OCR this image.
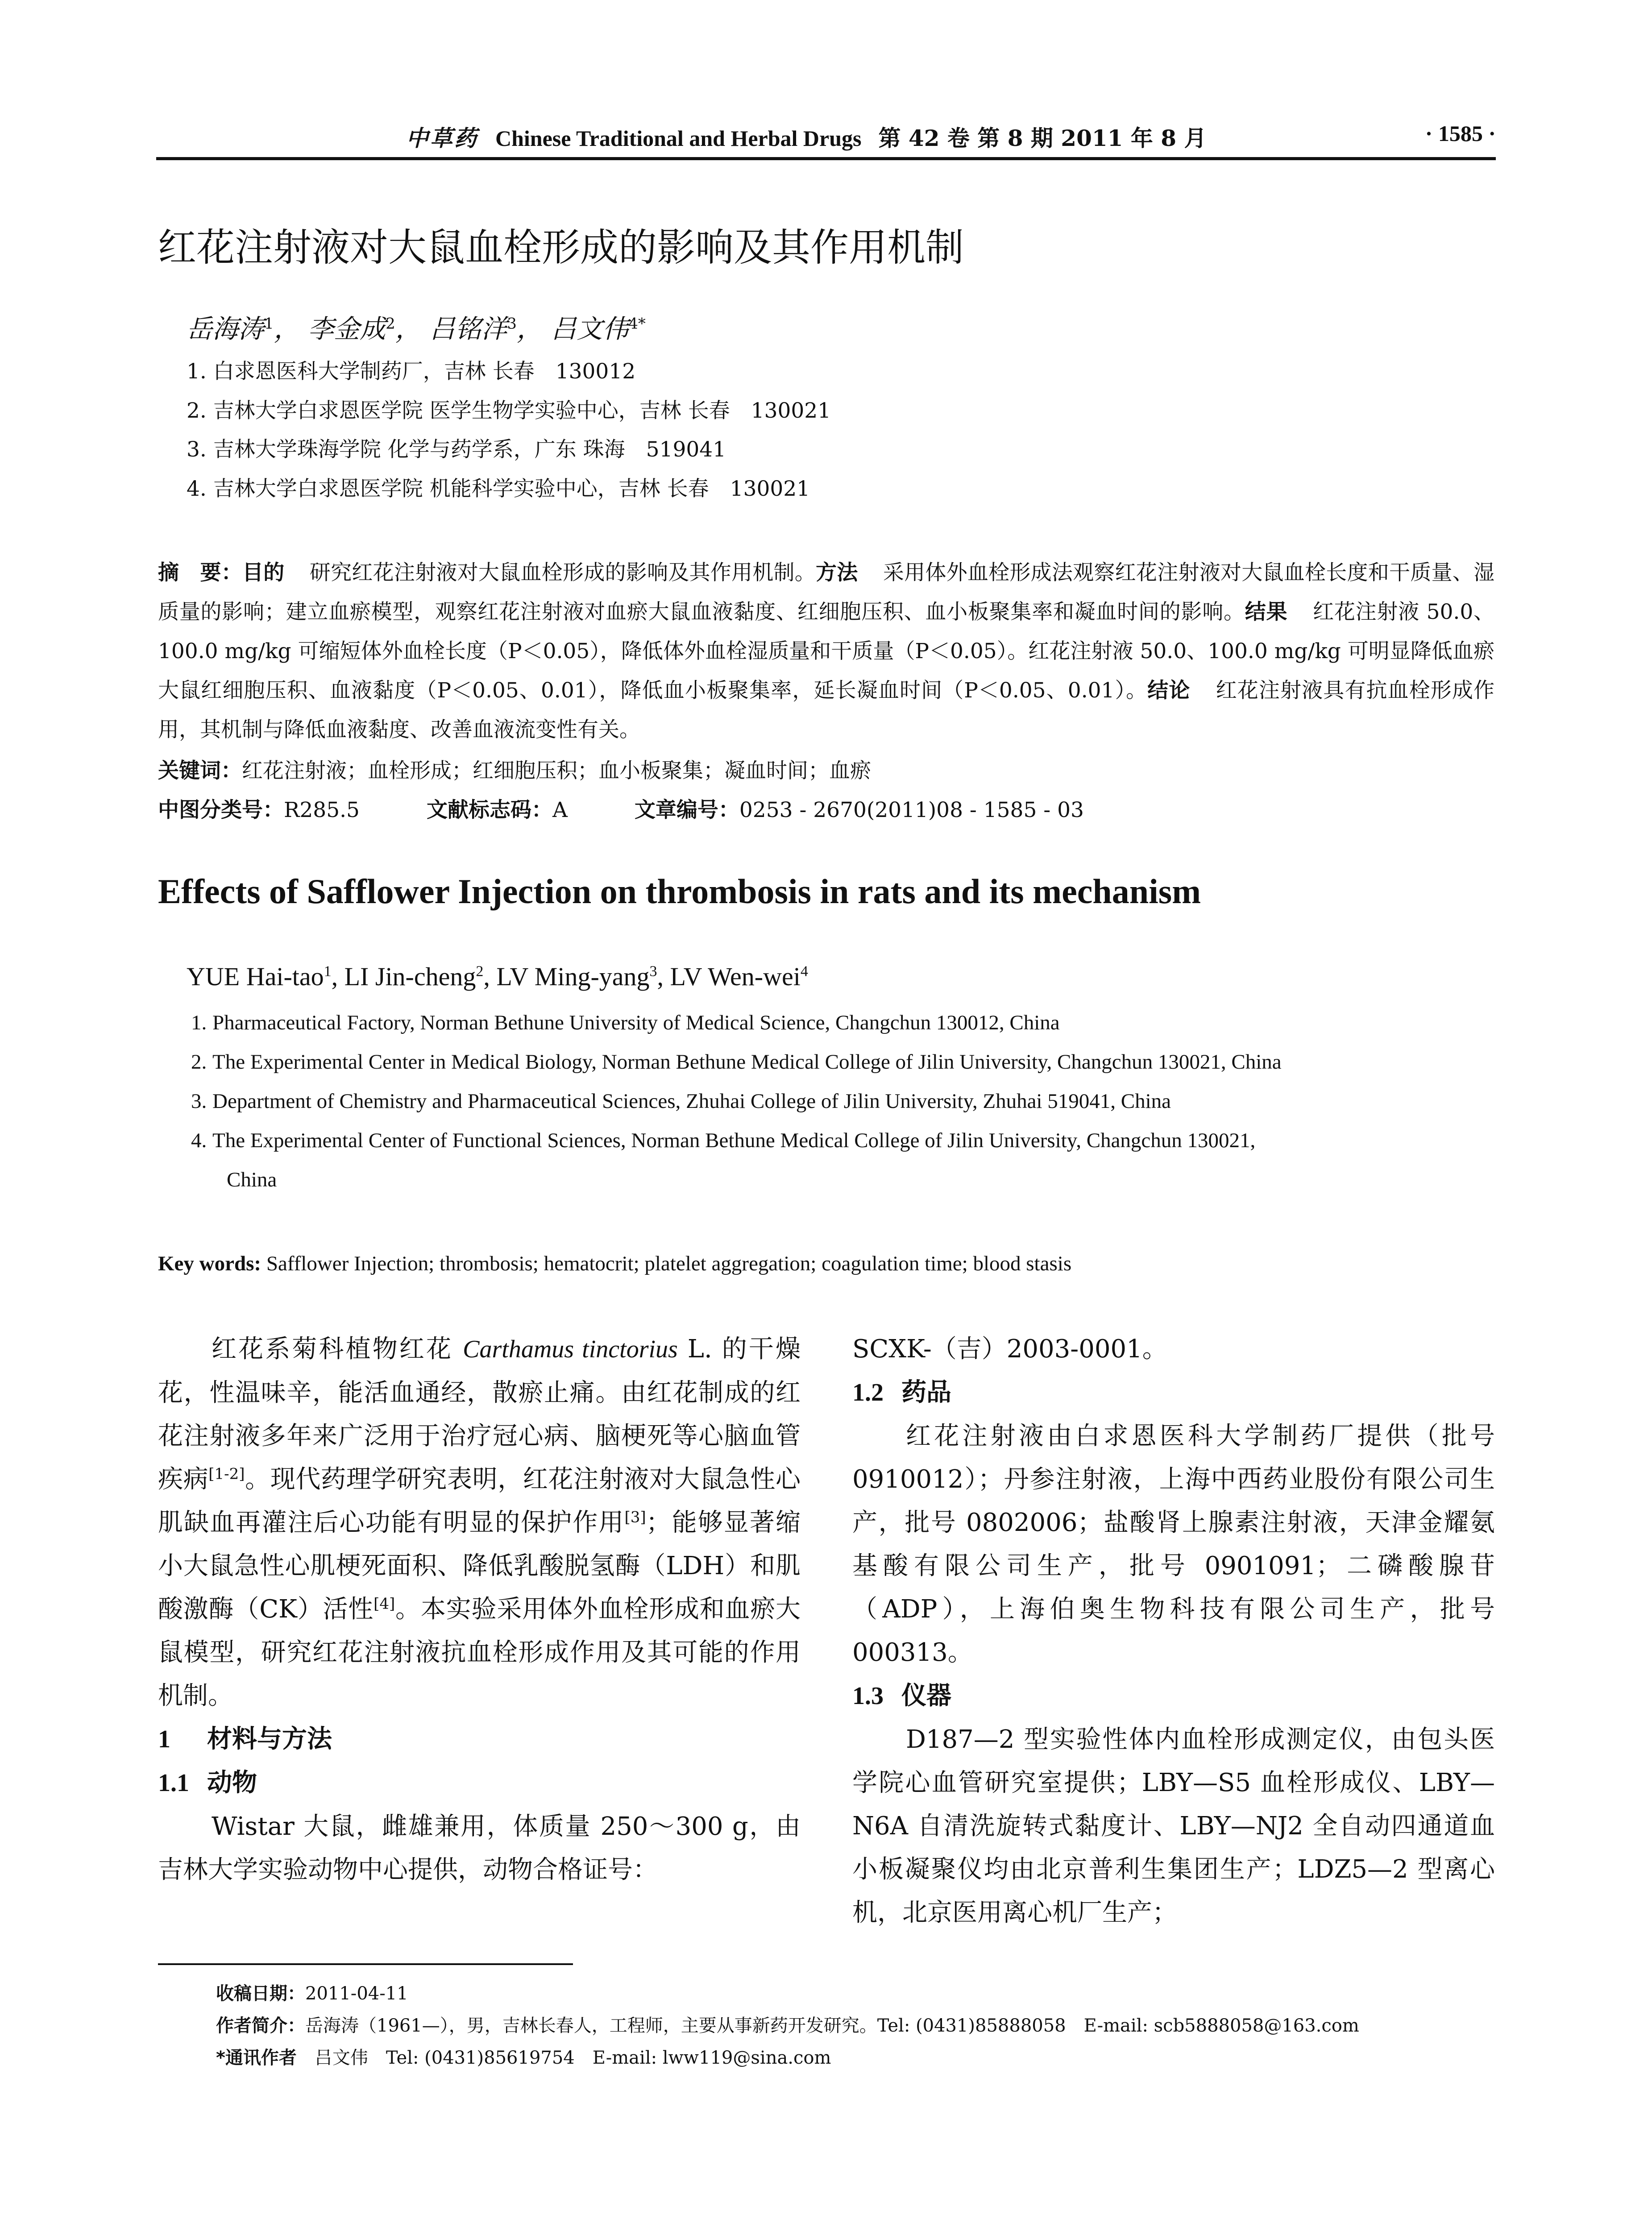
中草药 Chinese Traditional and Herbal Drugs 第 42 卷 第 8 期 2011 年 8 月	· 1585 ·
红花注射液对大鼠血栓形成的影响及其作用机制
岳海涛$^1$， 李金成$^2$， 吕铭洋$^3$， 吕文伟$^{4*}$
1. 白求恩医科大学制药厂，吉林 长春　130012
2. 吉林大学白求恩医学院 医学生物学实验中心，吉林 长春　130021
3. 吉林大学珠海学院 化学与药学系，广东 珠海　519041
4. 吉林大学白求恩医学院 机能科学实验中心，吉林 长春　130021
摘　要：目的 研究红花注射液对大鼠血栓形成的影响及其作用机制。方法 采用体外血栓形成法观察红花注射液对大鼠血栓长度和干质量、湿质量的影响；建立血瘀模型，观察红花注射液对血瘀大鼠血液黏度、红细胞压积、血小板聚集率和凝血时间的影响。结果 红花注射液 50.0、100.0 mg/kg 可缩短体外血栓长度（P＜0.05），降低体外血栓湿质量和干质量（P＜0.05）。红花注射液 50.0、100.0 mg/kg 可明显降低血瘀大鼠红细胞压积、血液黏度（P＜0.05、0.01），降低血小板聚集率，延长凝血时间（P＜0.05、0.01）。结论 红花注射液具有抗血栓形成作用，其机制与降低血液黏度、改善血液流变性有关。
关键词：红花注射液；血栓形成；红细胞压积；血小板聚集；凝血时间；血瘀
中图分类号：R285.5	文献标志码：A	文章编号：0253 - 2670(2011)08 - 1585 - 03
Effects of Safflower Injection on thrombosis in rats and its mechanism
YUE Hai-tao$^1$, LI Jin-cheng$^2$, LV Ming-yang$^3$, LV Wen-wei$^4$
1. Pharmaceutical Factory, Norman Bethune University of Medical Science, Changchun 130012, China
2. The Experimental Center in Medical Biology, Norman Bethune Medical College of Jilin University, Changchun 130021, China
3. Department of Chemistry and Pharmaceutical Sciences, Zhuhai College of Jilin University, Zhuhai 519041, China
4. The Experimental Center of Functional Sciences, Norman Bethune Medical College of Jilin University, Changchun 130021,
China
Key words: Safflower Injection; thrombosis; hematocrit; platelet aggregation; coagulation time; blood stasis

红花系菊科植物红花 Carthamus tinctorius L. 的干燥花，性温味辛，能活血通经，散瘀止痛。由红花制成的红花注射液多年来广泛用于治疗冠心病、脑梗死等心脑血管疾病[1-2]。现代药理学研究表明，红花注射液对大鼠急性心肌缺血再灌注后心功能有明显的保护作用[3]；能够显著缩小大鼠急性心肌梗死面积、降低乳酸脱氢酶（LDH）和肌酸激酶（CK）活性[4]。本实验采用体外血栓形成和血瘀大鼠模型，研究红花注射液抗血栓形成作用及其可能的作用机制。

1 材料与方法

1.1 动物

Wistar 大鼠，雌雄兼用，体质量 250～300 g，由吉林大学实验动物中心提供，动物合格证号：

SCXK-（吉）2003-0001。

1.2 药品

红花注射液由白求恩医科大学制药厂提供（批号 0910012）；丹参注射液，上海中西药业股份有限公司生产，批号 0802006；盐酸肾上腺素注射液，天津金耀氨基酸有限公司生产，批号 0901091；二磷酸腺苷（ADP），上海伯奥生物科技有限公司生产，批号 000313。

1.3 仪器

D187—2 型实验性体内血栓形成测定仪，由包头医学院心血管研究室提供；LBY—S5 血栓形成仪、LBY—N6A 自清洗旋转式黏度计、LBY—NJ2 全自动四通道血小板凝聚仪均由北京普利生集团生产；LDZ5—2 型离心机，北京医用离心机厂生产；

收稿日期：2011-04-11
作者简介：岳海涛（1961—），男，吉林长春人，工程师，主要从事新药开发研究。Tel: (0431)85888058　E-mail: scb5888058@163.com
*通讯作者　 吕文伟　Tel: (0431)85619754　E-mail: lww119@sina.com
